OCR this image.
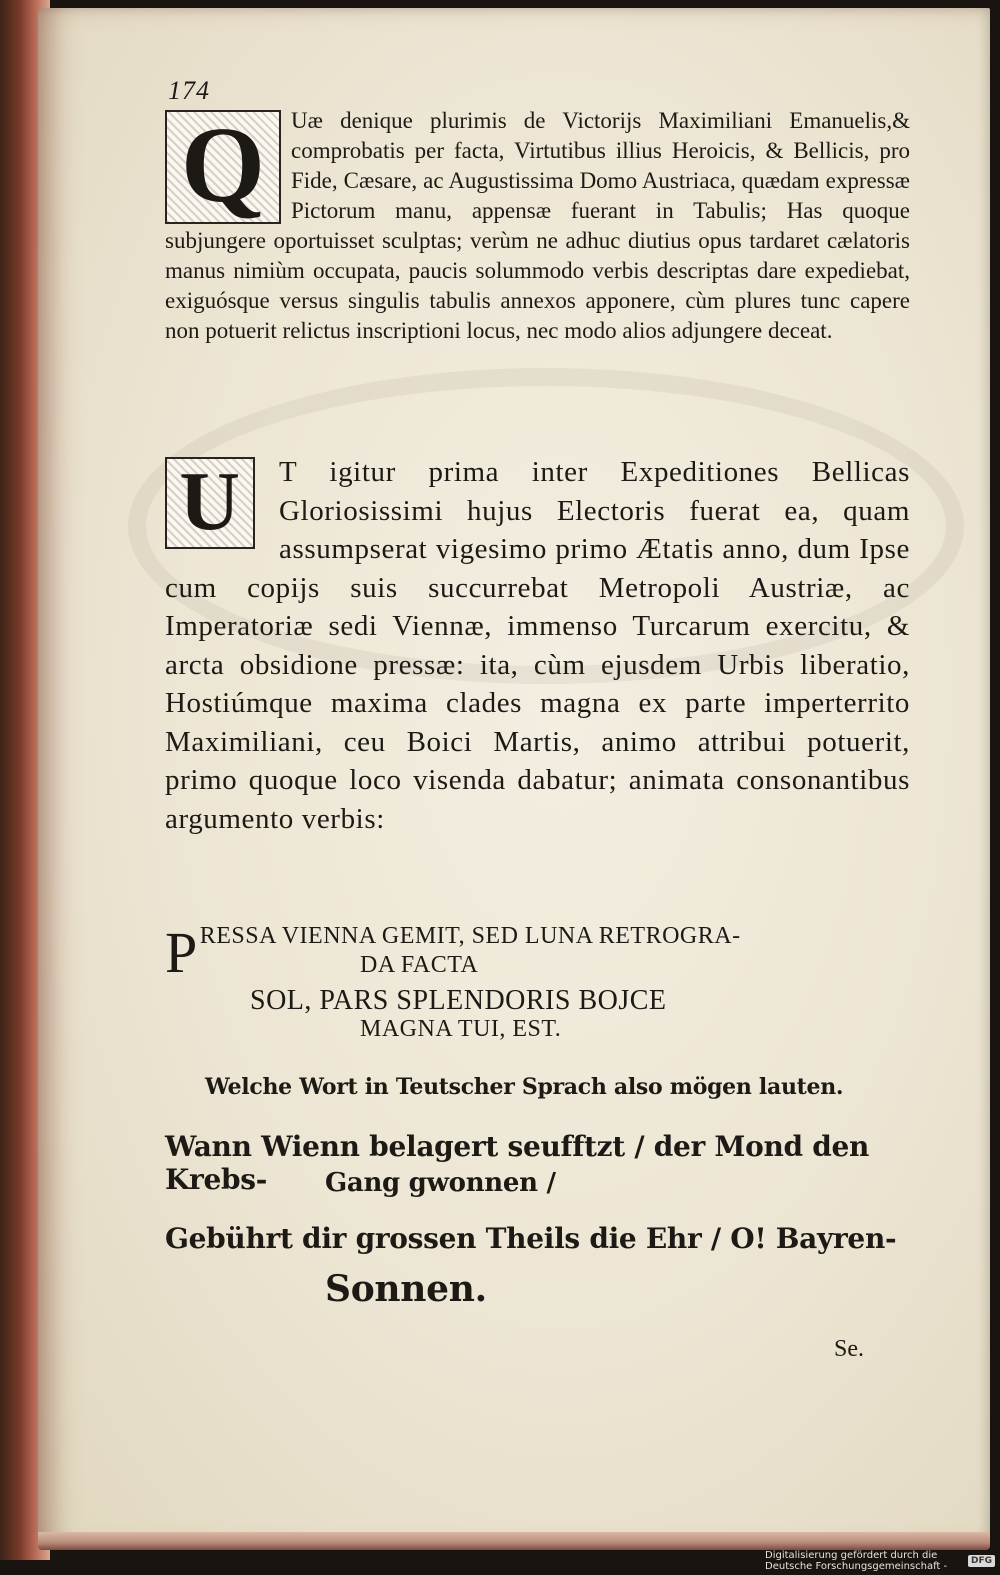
174
Q	Uæ denique plurimis de Victorijs Maximiliani Emanuelis,& comprobatis per facta, Virtutibus illius Heroicis, & Bellicis, pro Fide, Cæsare, ac Augustissima Domo Austriaca, quædam expressæ Pictorum manu, appensæ fuerant in Tabulis; Has quoque subjungere oportuisset sculptas; verùm ne adhuc diutius opus tardaret cælatoris manus nimiùm occupata, paucis solummodo verbis descriptas dare expediebat, exiguósque versus singulis tabulis annexos apponere, cùm plures tunc capere non potuerit relictus inscriptioni locus, nec modo alios adjungere deceat.
U	T igitur prima inter Expeditiones Bellicas Gloriosissimi hujus Electoris fuerat ea, quam assumpserat vigesimo primo Ætatis anno, dum Ipse cum copijs suis succurrebat Metropoli Austriæ, ac Imperatoriæ sedi Viennæ, immenso Turcarum exercitu, & arcta obsidione pressæ: ita, cùm ejusdem Urbis liberatio, Hostiúmque maxima clades magna ex parte imperterrito Maximiliani, ceu Boici Martis, animo attribui potuerit, primo quoque loco visenda dabatur; animata consonantibus argumento verbis:
P RESSA VIENNA GEMIT, SED LUNA RETROGRA-
DA FACTA
SOL, PARS SPLENDORIS BOJCE
MAGNA TUI, EST.
Welche Wort in Teutscher Sprach also mögen lauten.
Wann Wienn belagert seufftzt / der Mond den Krebs-	Gang gwonnen /
Gebührt dir grossen Theils die Ehr / O! Bayren-
Sonnen.
Se.
Digitalisierung gefördert durch die Deutsche Forschungsgemeinschaft -	DFG
